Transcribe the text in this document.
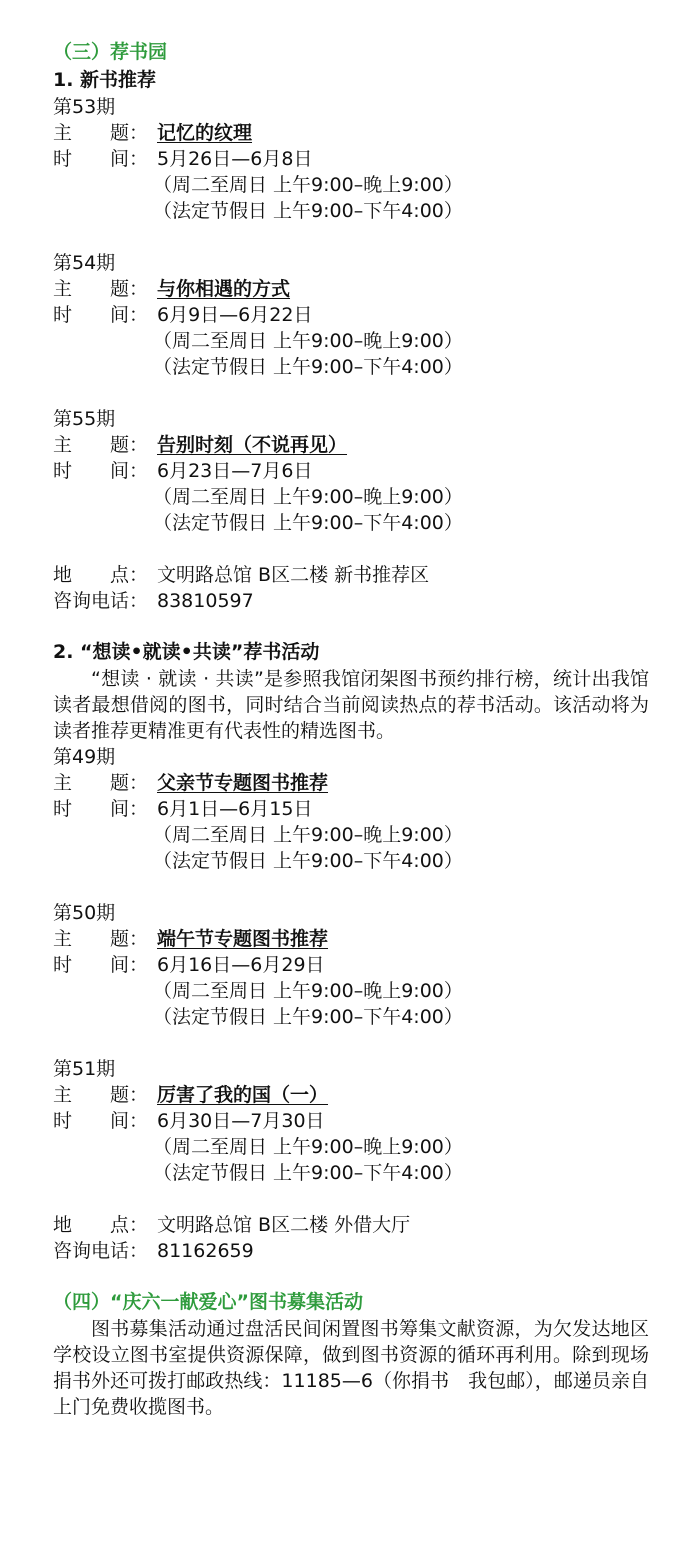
（三）荐书园
1. 新书推荐
第53期
主　　题： 记忆的纹理
时　　间： 5月26日—6月8日
（周二至周日 上午9:00–晚上9:00）
（法定节假日 上午9:00–下午4:00）
第54期
主　　题： 与你相遇的方式
时　　间： 6月9日—6月22日
（周二至周日 上午9:00–晚上9:00）
（法定节假日 上午9:00–下午4:00）
第55期
主　　题： 告别时刻（不说再见）
时　　间： 6月23日—7月6日
（周二至周日 上午9:00–晚上9:00）
（法定节假日 上午9:00–下午4:00）
地　　点： 文明路总馆 B区二楼 新书推荐区
咨询电话： 83810597
2. “想读•就读•共读”荐书活动

“想读 · 就读 · 共读”是参照我馆闭架图书预约排行榜，统计出我馆读者最想借阅的图书，同时结合当前阅读热点的荐书活动。该活动将为读者推荐更精准更有代表性的精选图书。

第49期
主　　题： 父亲节专题图书推荐
时　　间： 6月1日—6月15日
（周二至周日 上午9:00–晚上9:00）
（法定节假日 上午9:00–下午4:00）
第50期
主　　题： 端午节专题图书推荐
时　　间： 6月16日—6月29日
（周二至周日 上午9:00–晚上9:00）
（法定节假日 上午9:00–下午4:00）
第51期
主　　题： 厉害了我的国（一）
时　　间： 6月30日—7月30日
（周二至周日 上午9:00–晚上9:00）
（法定节假日 上午9:00–下午4:00）
地　　点： 文明路总馆 B区二楼 外借大厅
咨询电话： 81162659
（四）“庆六一献爱心”图书募集活动

图书募集活动通过盘活民间闲置图书筹集文献资源，为欠发达地区学校设立图书室提供资源保障，做到图书资源的循环再利用。除到现场捐书外还可拨打邮政热线：11185—6（你捐书　我包邮），邮递员亲自上门免费收揽图书。
